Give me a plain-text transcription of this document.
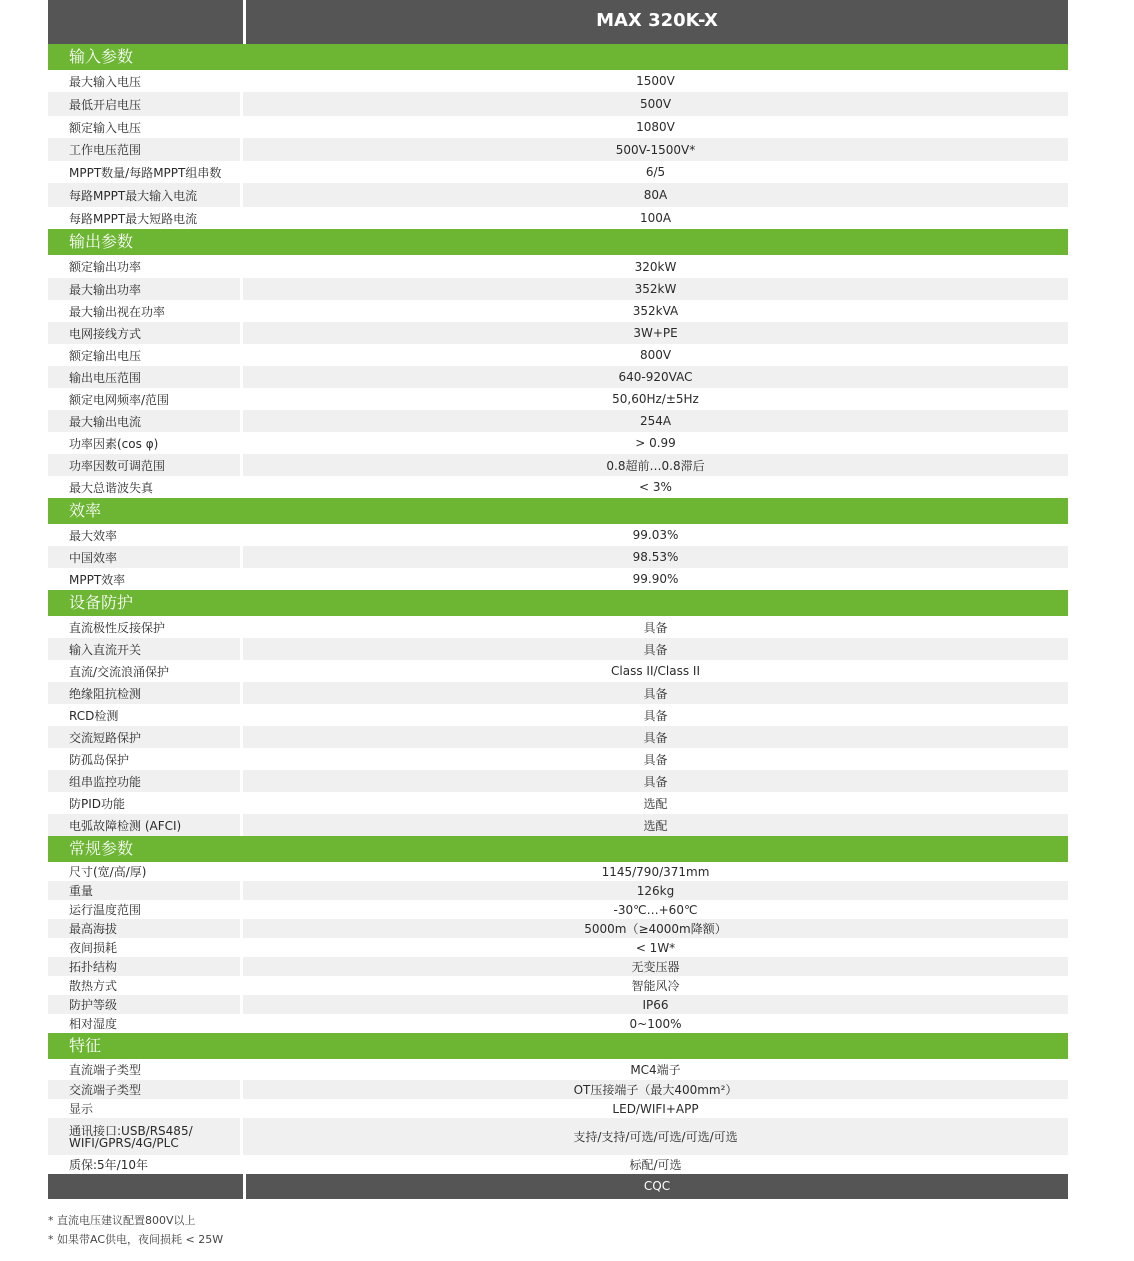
MAX 320K-X
输入参数
最大输入电压	1500V
最低开启电压	500V
额定输入电压	1080V
工作电压范围	500V-1500V*
MPPT数量/每路MPPT组串数	6/5
每路MPPT最大输入电流	80A
每路MPPT最大短路电流	100A
输出参数
额定输出功率	320kW
最大输出功率	352kW
最大输出视在功率	352kVA
电网接线方式	3W+PE
额定输出电压	800V
输出电压范围	640-920VAC
额定电网频率/范围	50,60Hz/±5Hz
最大输出电流	254A
功率因素(cos φ)	> 0.99
功率因数可调范围	0.8超前…0.8滞后
最大总谐波失真	< 3%
效率
最大效率	99.03%
中国效率	98.53%
MPPT效率	99.90%
设备防护
直流极性反接保护	具备
输入直流开关	具备
直流/交流浪涌保护	Class II/Class II
绝缘阻抗检测	具备
RCD检测	具备
交流短路保护	具备
防孤岛保护	具备
组串监控功能	具备
防PID功能	选配
电弧故障检测 (AFCI)	选配
常规参数
尺寸(宽/高/厚)	1145/790/371mm
重量	126kg
运行温度范围	-30℃…+60℃
最高海拔	5000m（≥4000m降额）
夜间损耗	< 1W*
拓扑结构	无变压器
散热方式	智能风冷
防护等级	IP66
相对湿度	0~100%
特征
直流端子类型	MC4端子
交流端子类型	OT压接端子（最大400mm²）
显示	LED/WIFI+APP
通讯接口:USB/RS485/
WIFI/GPRS/4G/PLC	支持/支持/可选/可选/可选/可选
质保:5年/10年	标配/可选
CQC
* 直流电压建议配置800V以上
* 如果带AC供电，夜间损耗 < 25W
